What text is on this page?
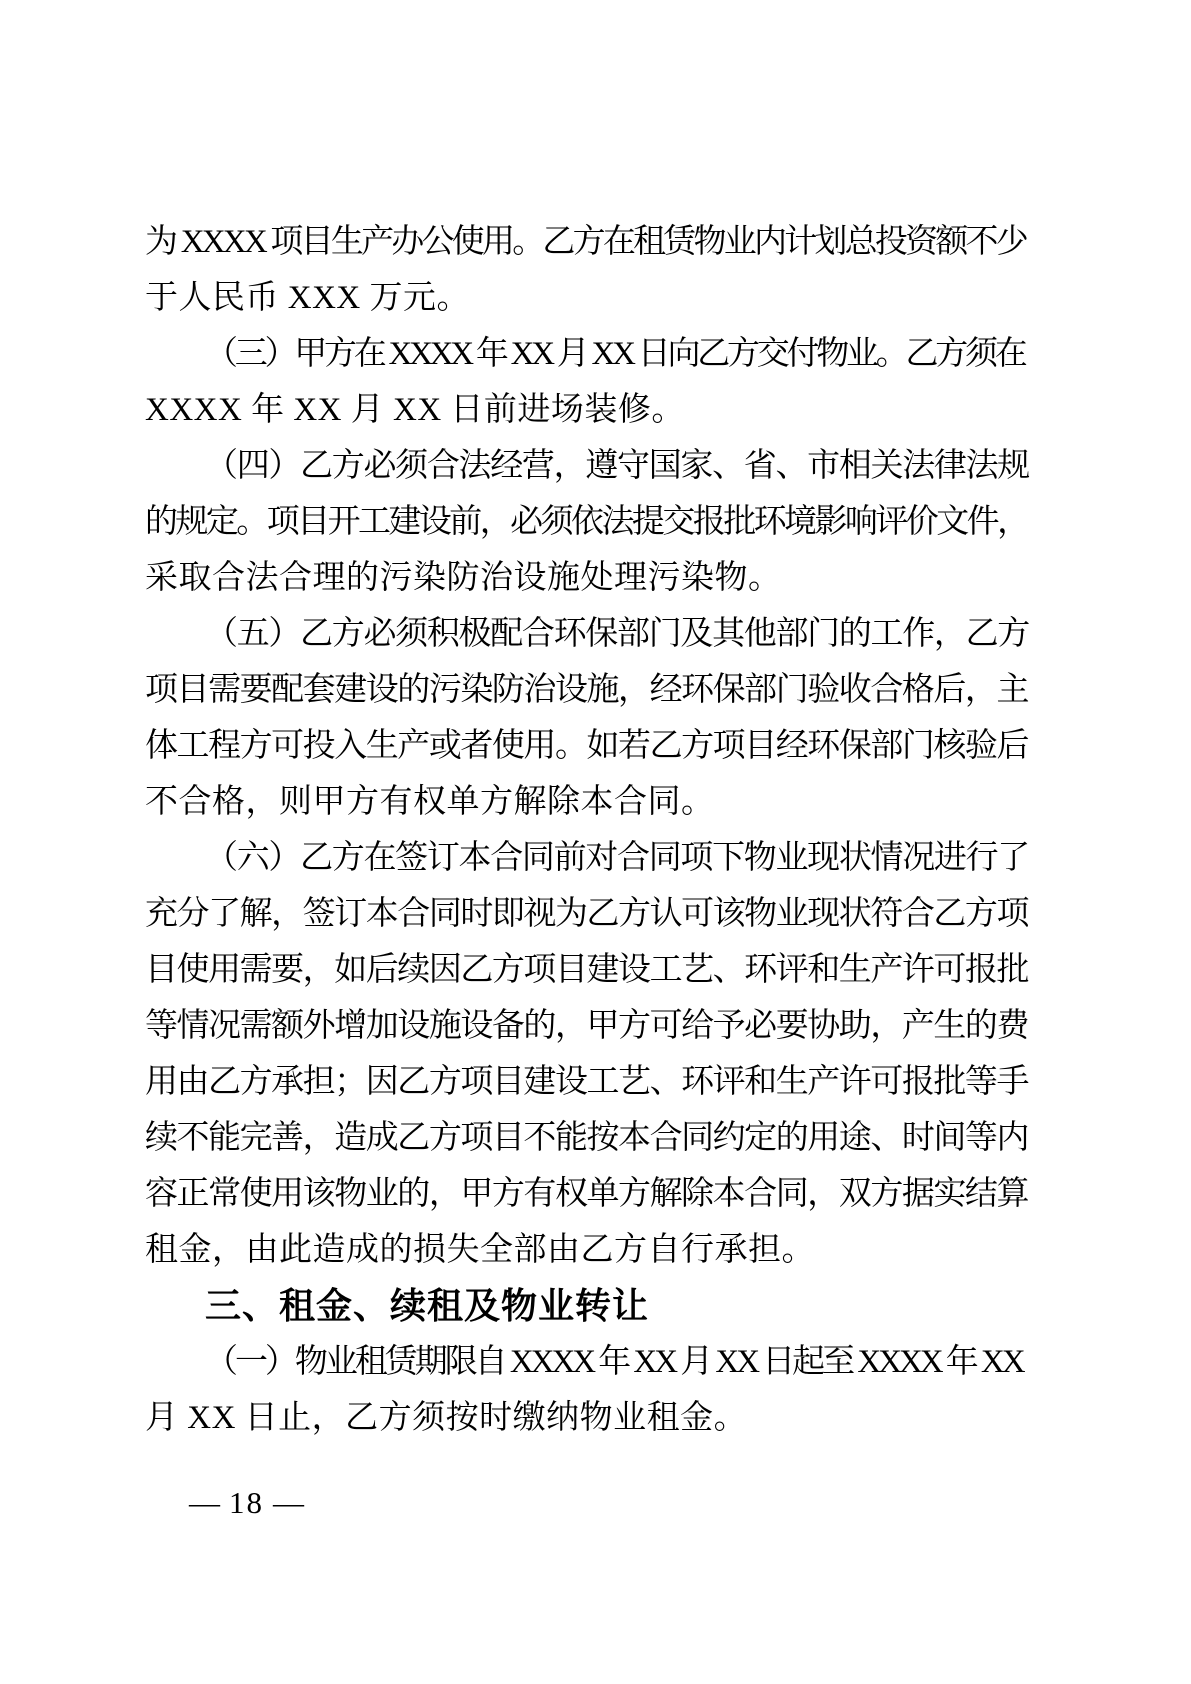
为 XXXX 项目生产办公使用。乙方在租赁物业内计划总投资额不少
于人民币 XXX 万元。
（三）甲方在 XXXX 年 XX 月 XX 日向乙方交付物业。乙方须在
XXXX 年 XX 月 XX 日前进场装修。
（四）乙方必须合法经营，遵守国家、省、市相关法律法规
的规定。项目开工建设前，必须依法提交报批环境影响评价文件，
采取合法合理的污染防治设施处理污染物。
（五）乙方必须积极配合环保部门及其他部门的工作，乙方
项目需要配套建设的污染防治设施，经环保部门验收合格后，主
体工程方可投入生产或者使用。如若乙方项目经环保部门核验后
不合格，则甲方有权单方解除本合同。
（六）乙方在签订本合同前对合同项下物业现状情况进行了
充分了解，签订本合同时即视为乙方认可该物业现状符合乙方项
目使用需要，如后续因乙方项目建设工艺、环评和生产许可报批
等情况需额外增加设施设备的，甲方可给予必要协助，产生的费
用由乙方承担；因乙方项目建设工艺、环评和生产许可报批等手
续不能完善，造成乙方项目不能按本合同约定的用途、时间等内
容正常使用该物业的，甲方有权单方解除本合同，双方据实结算
租金，由此造成的损失全部由乙方自行承担。
三、租金、续租及物业转让
（一）物业租赁期限自 XXXX 年 XX 月 XX 日起至 XXXX 年 XX
月 XX 日止，乙方须按时缴纳物业租金。
— 18 —
